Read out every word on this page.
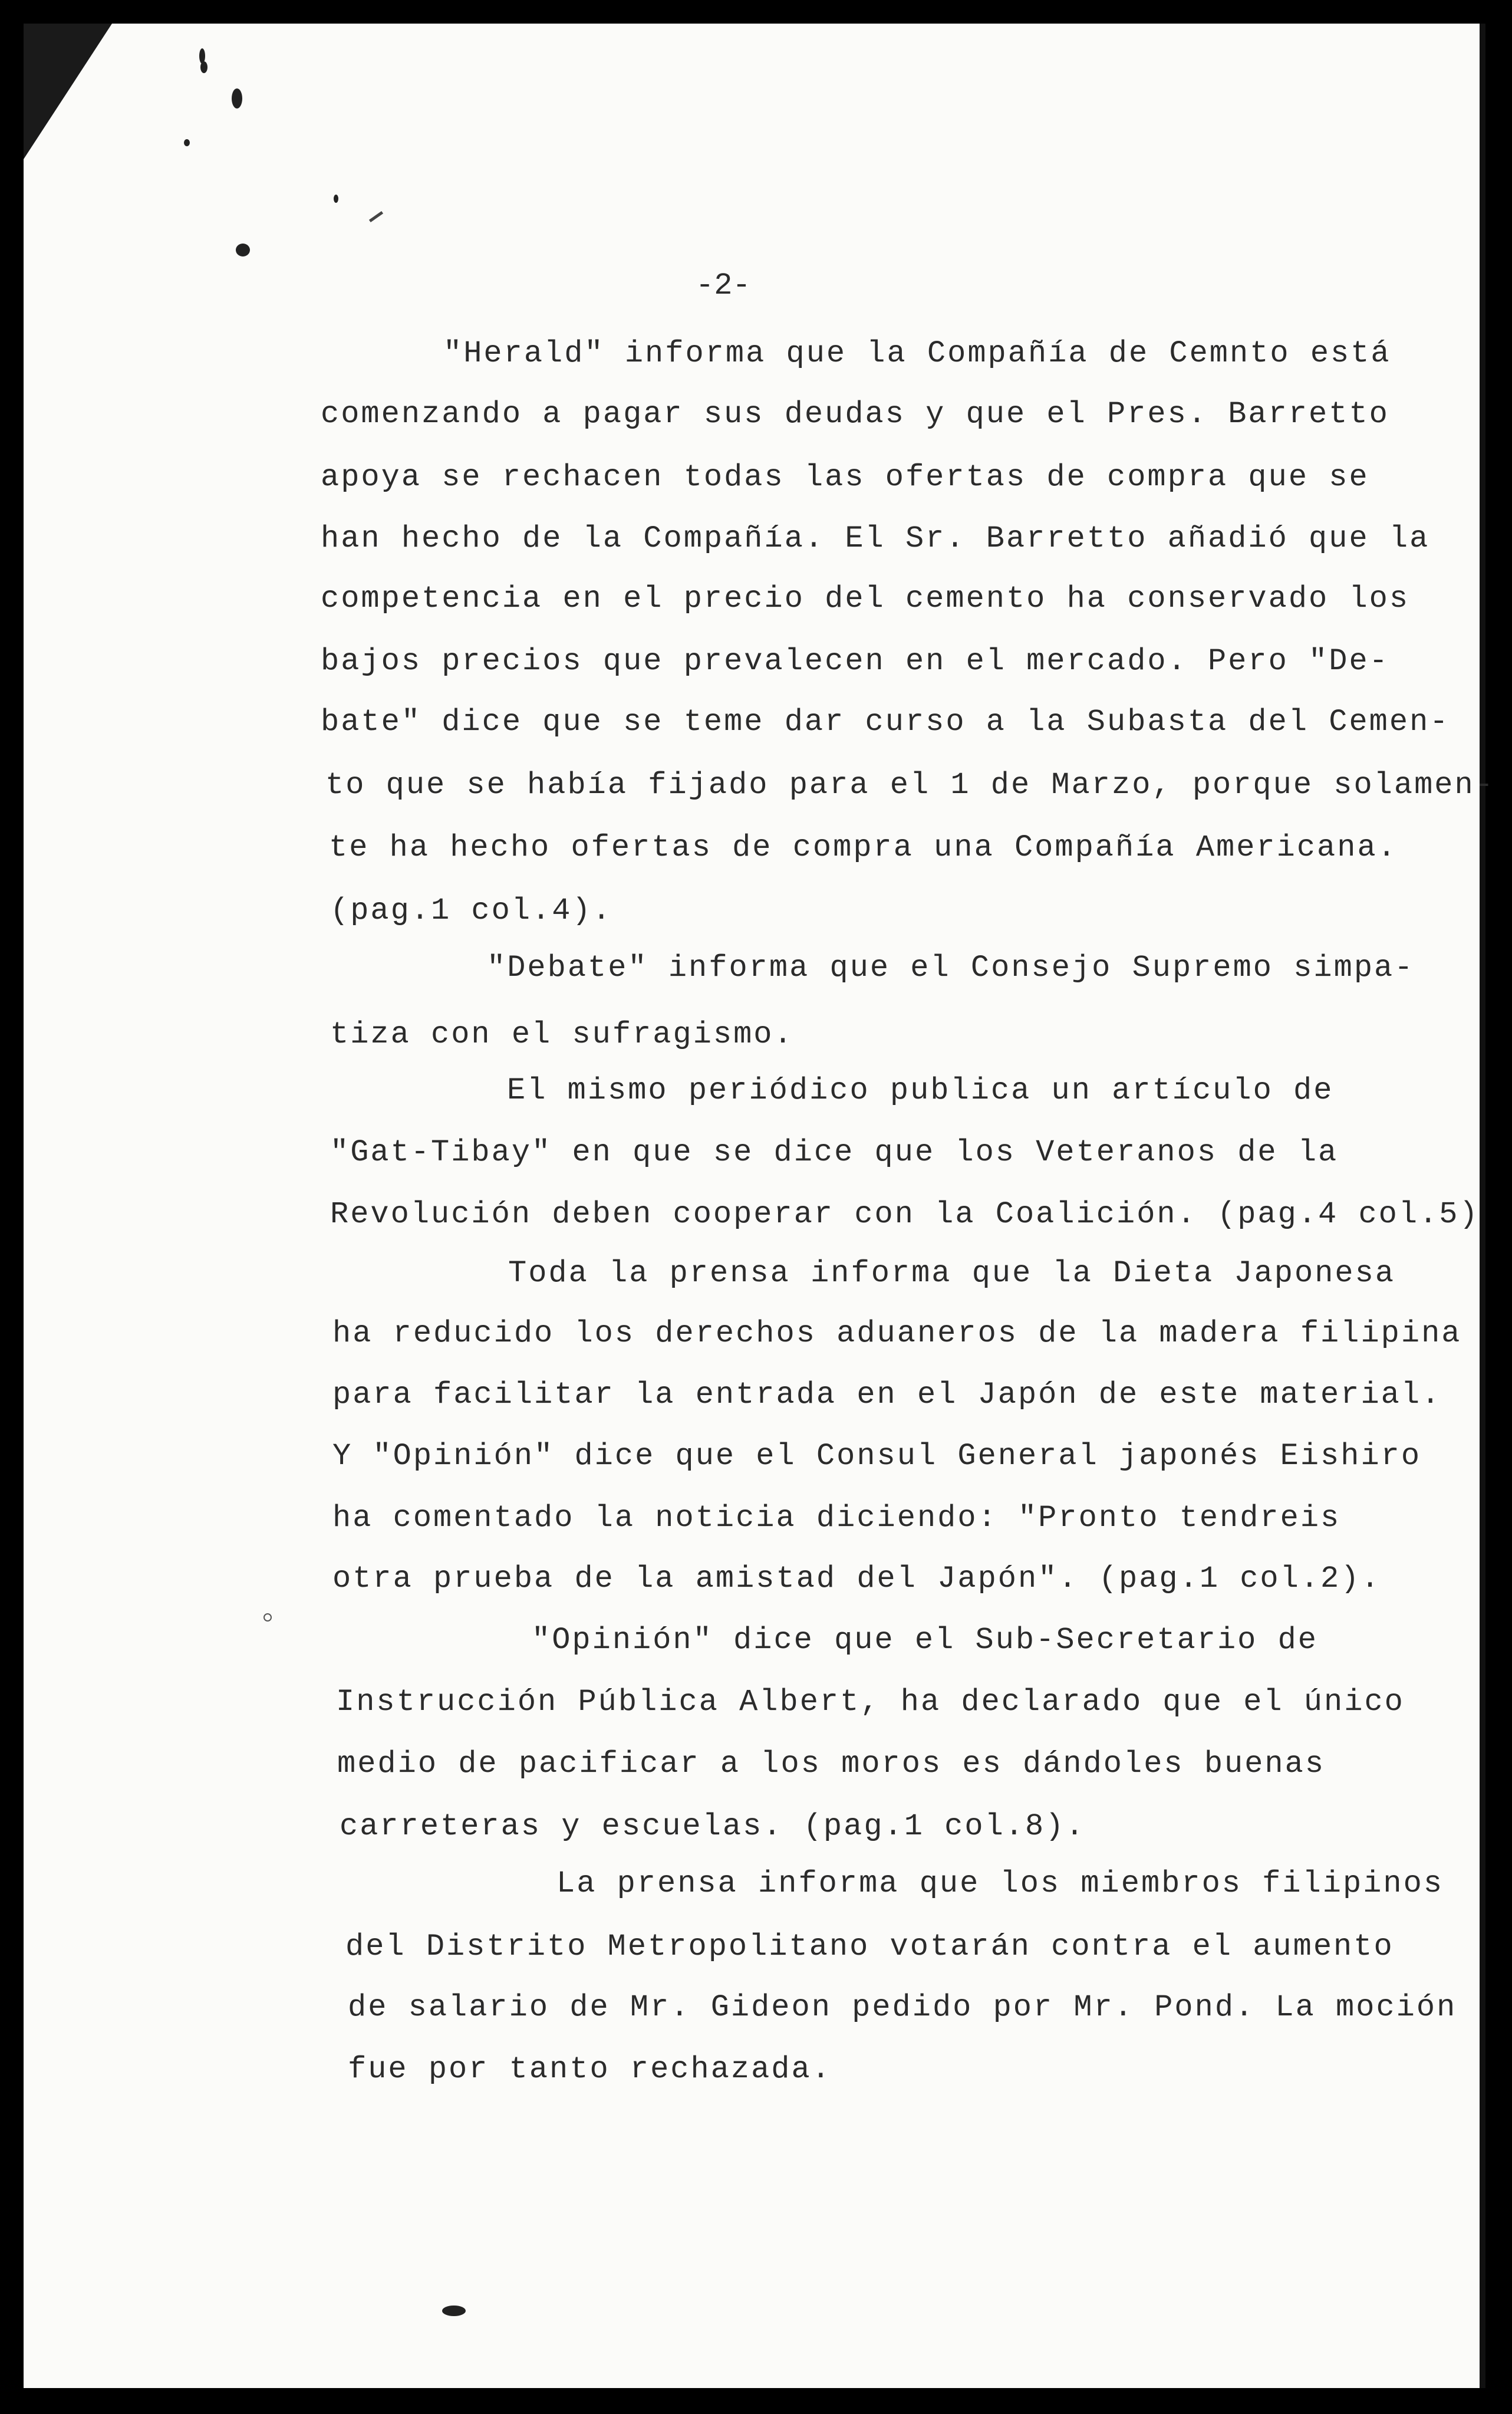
-2-
"Herald" informa que la Compañía de Cemnto está
comenzando a pagar sus deudas y que el Pres. Barretto
apoya se rechacen todas las ofertas de compra que se
han hecho de la Compañía. El Sr. Barretto añadió que la
competencia en el precio del cemento ha conservado los
bajos precios que prevalecen en el mercado. Pero "De-
bate" dice que se teme dar curso a la Subasta del Cemen-
to que se había fijado para el 1 de Marzo, porque solamen-
te ha hecho ofertas de compra una Compañía Americana.
(pag.1 col.4).
"Debate" informa que el Consejo Supremo simpa-
tiza con el sufragismo.
El mismo periódico publica un artículo de
"Gat-Tibay" en que se dice que los Veteranos de la
Revolución deben cooperar con la Coalición. (pag.4 col.5)
Toda la prensa informa que la Dieta Japonesa
ha reducido los derechos aduaneros de la madera filipina
para facilitar la entrada en el Japón de este material.
Y "Opinión" dice que el Consul General japonés Eishiro
ha comentado la noticia diciendo: "Pronto tendreis
otra prueba de la amistad del Japón". (pag.1 col.2).
"Opinión" dice que el Sub-Secretario de
Instrucción Pública Albert, ha declarado que el único
medio de pacificar a los moros es dándoles buenas
carreteras y escuelas. (pag.1 col.8).
La prensa informa que los miembros filipinos
del Distrito Metropolitano votarán contra el aumento
de salario de Mr. Gideon pedido por Mr. Pond. La moción
fue por tanto rechazada.
